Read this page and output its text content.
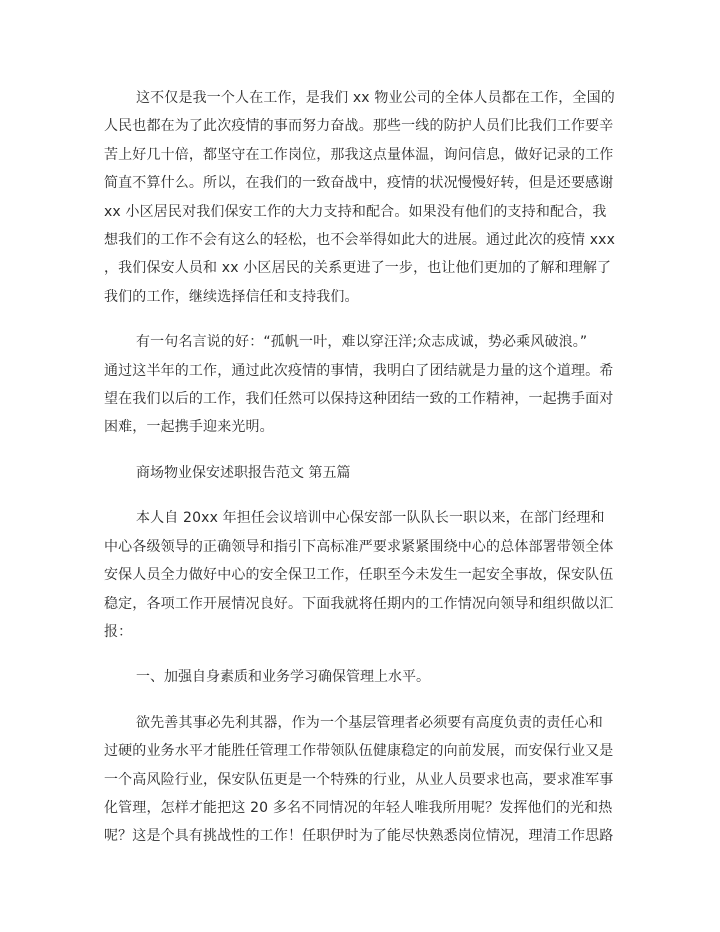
这不仅是我一个人在工作，是我们 xx 物业公司的全体人员都在工作，全国的
人民也都在为了此次疫情的事而努力奋战。那些一线的防护人员们比我们工作要辛
苦上好几十倍，都坚守在工作岗位，那我这点量体温，询问信息，做好记录的工作
简直不算什么。所以，在我们的一致奋战中，疫情的状况慢慢好转，但是还要感谢
xx 小区居民对我们保安工作的大力支持和配合。如果没有他们的支持和配合，我
想我们的工作不会有这么的轻松，也不会举得如此大的进展。通过此次的疫情 xxx
，我们保安人员和 xx 小区居民的关系更进了一步，也让他们更加的了解和理解了
我们的工作，继续选择信任和支持我们。
有一句名言说的好：“孤帆一叶，难以穿汪洋;众志成诚，势必乘风破浪。”
通过这半年的工作，通过此次疫情的事情，我明白了团结就是力量的这个道理。希
望在我们以后的工作，我们任然可以保持这种团结一致的工作精神，一起携手面对
困难，一起携手迎来光明。
商场物业保安述职报告范文 第五篇
本人自 20xx 年担任会议培训中心保安部一队队长一职以来，在部门经理和
中心各级领导的正确领导和指引下高标准严要求紧紧围绕中心的总体部署带领全体
安保人员全力做好中心的安全保卫工作，任职至今未发生一起安全事故，保安队伍
稳定，各项工作开展情况良好。下面我就将任期内的工作情况向领导和组织做以汇
报：
一、加强自身素质和业务学习确保管理上水平。
欲先善其事必先利其器，作为一个基层管理者必须要有高度负责的责任心和
过硬的业务水平才能胜任管理工作带领队伍健康稳定的向前发展，而安保行业又是
一个高风险行业，保安队伍更是一个特殊的行业，从业人员要求也高，要求准军事
化管理，怎样才能把这 20 多名不同情况的年轻人唯我所用呢？发挥他们的光和热
呢？这是个具有挑战性的工作！任职伊时为了能尽快熟悉岗位情况，理清工作思路
